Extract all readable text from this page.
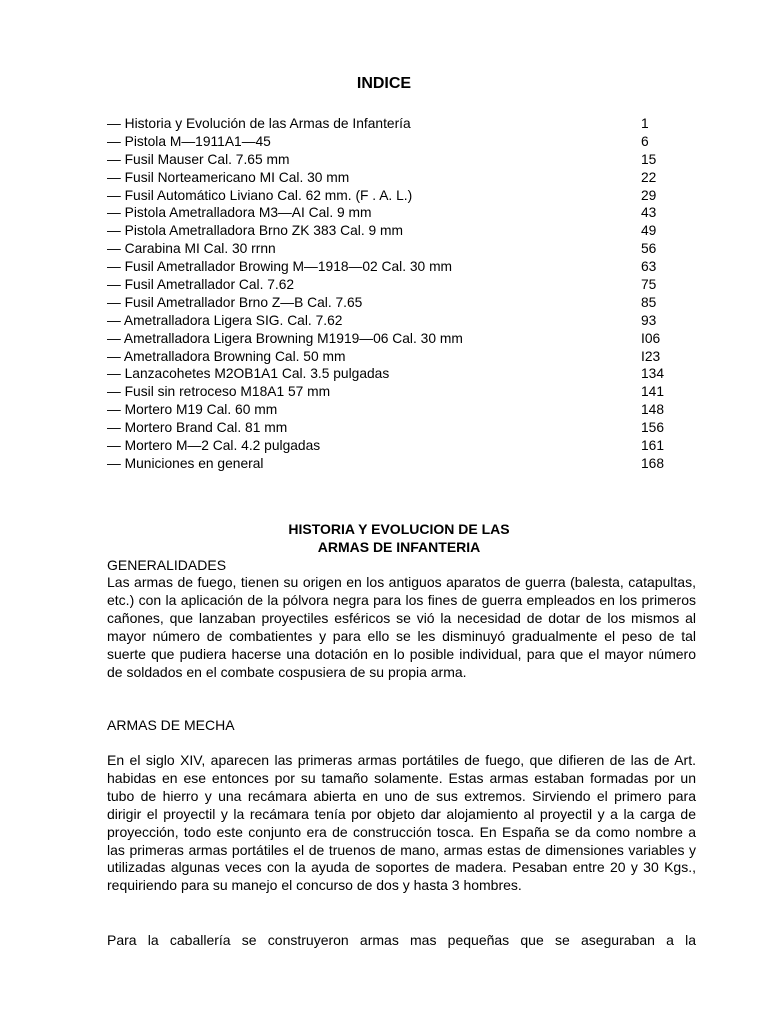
INDICE
— Historia y Evolución de las Armas de Infantería	1
— Pistola M—1911A1—45	6
— Fusil Mauser Cal. 7.65 mm	15
— Fusil Norteamericano MI Cal. 30 mm	22
— Fusil Automático Liviano Cal. 62 mm. (F . A. L.)	29
— Pistola Ametralladora M3—AI Cal. 9 mm	43
— Pistola Ametralladora Brno ZK 383 Cal. 9 mm	49
— Carabina MI Cal. 30 rrnn	56
— Fusil Ametrallador Browing M—1918—02 Cal. 30 mm	63
— Fusil Ametrallador Cal. 7.62	75
— Fusil Ametrallador Brno Z—B Cal. 7.65	85
— Ametralladora Ligera SIG. Cal. 7.62	93
— Ametralladora Ligera Browning M1919—06 Cal. 30 mm	I06
— Ametralladora Browning Cal. 50 mm	I23
— Lanzacohetes M2OB1A1 Cal. 3.5 pulgadas	134
— Fusil sin retroceso M18A1 57 mm	141
— Mortero M19 Cal. 60 mm	148
— Mortero Brand Cal. 81 mm	156
— Mortero M—2 Cal. 4.2 pulgadas	161
— Municiones en general	168
HISTORIA Y EVOLUCION DE LAS
ARMAS DE INFANTERIA

GENERALIDADES

Las armas de fuego, tienen su origen en los antiguos aparatos de guerra (balesta, catapultas, etc.) con la aplicación de la pólvora negra para los fines de guerra empleados en los primeros cañones, que lanzaban proyectiles esféricos se vió la necesidad de dotar de los mismos al mayor número de combatientes y para ello se les disminuyó gradualmente el peso de tal suerte que pudiera hacerse una dotación en lo posible individual, para que el mayor número de soldados en el combate cospusiera de su propia arma.

ARMAS DE MECHA

En el siglo XIV, aparecen las primeras armas portátiles de fuego, que difieren de las de Art. habidas en ese entonces por su tamaño solamente. Estas armas estaban formadas por un tubo de hierro y una recámara abierta en uno de sus extremos. Sirviendo el primero para dirigir el proyectil y la recámara tenía por objeto dar alojamiento al proyectil y a la carga de proyección, todo este conjunto era de construcción tosca. En España se da como nombre a las primeras armas portátiles el de truenos de mano, armas estas de dimensiones variables y utilizadas algunas veces con la ayuda de soportes de madera. Pesaban entre 20 y 30 Kgs., requiriendo para su manejo el concurso de dos y hasta 3 hombres.

Para la caballería se construyeron armas mas pequeñas que se aseguraban a la
